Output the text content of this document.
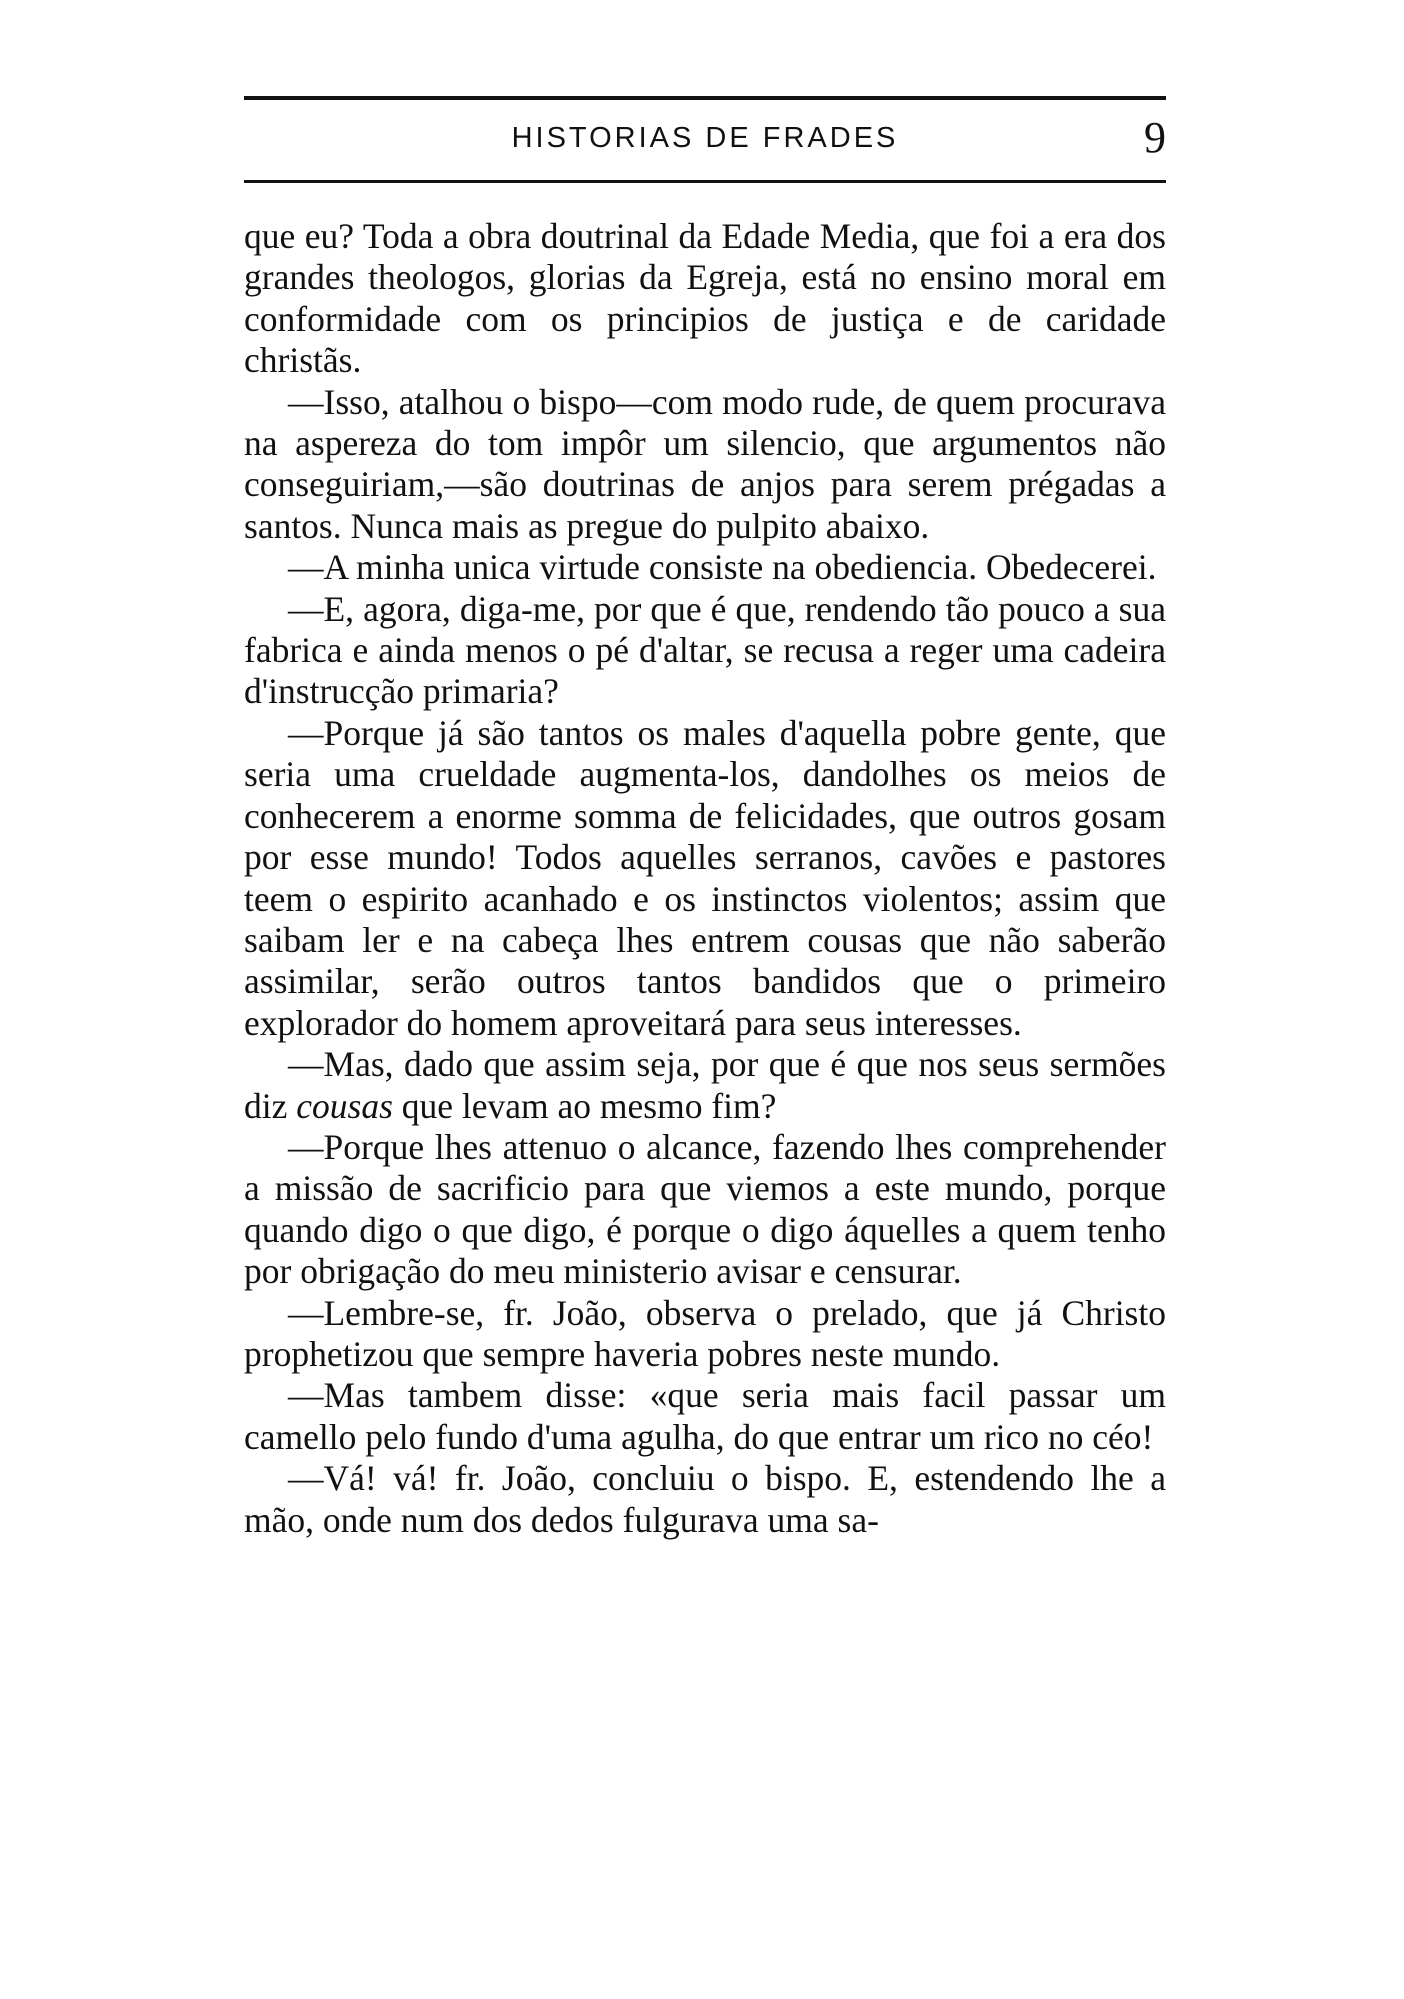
HISTORIAS DE FRADES	9

que eu? Toda a obra doutrinal da Edade Media, que foi a era dos grandes theologos, glorias da Egreja, está no ensino moral em conformidade com os principios de justiça e de caridade christãs.

—Isso, atalhou o bispo—com modo rude, de quem procurava na aspereza do tom impôr um silencio, que argumentos não conseguiriam,—são doutrinas de anjos para serem prégadas a santos. Nunca mais as pregue do pulpito abaixo.

—A minha unica virtude consiste na obediencia. Obedecerei.

—E, agora, diga-me, por que é que, rendendo tão pouco a sua fabrica e ainda menos o pé d'altar, se recusa a reger uma cadeira d'instrucção primaria?

—Porque já são tantos os males d'aquella pobre gente, que seria uma crueldade augmenta-los, dandolhes os meios de conhecerem a enorme somma de felicidades, que outros gosam por esse mundo! Todos aquelles serranos, cavões e pastores teem o espirito acanhado e os instinctos violentos; assim que saibam ler e na cabeça lhes entrem cousas que não saberão assimilar, serão outros tantos bandidos que o primeiro explorador do homem aproveitará para seus interesses.

—Mas, dado que assim seja, por que é que nos seus sermões diz cousas que levam ao mesmo fim?

—Porque lhes attenuo o alcance, fazendo lhes comprehender a missão de sacrificio para que viemos a este mundo, porque quando digo o que digo, é porque o digo áquelles a quem tenho por obrigação do meu ministerio avisar e censurar.

—Lembre-se, fr. João, observa o prelado, que já Christo prophetizou que sempre haveria pobres neste mundo.

—Mas tambem disse: «que seria mais facil passar um camello pelo fundo d'uma agulha, do que entrar um rico no céo!

—Vá! vá! fr. João, concluiu o bispo. E, estendendo lhe a mão, onde num dos dedos fulgurava uma sa-
